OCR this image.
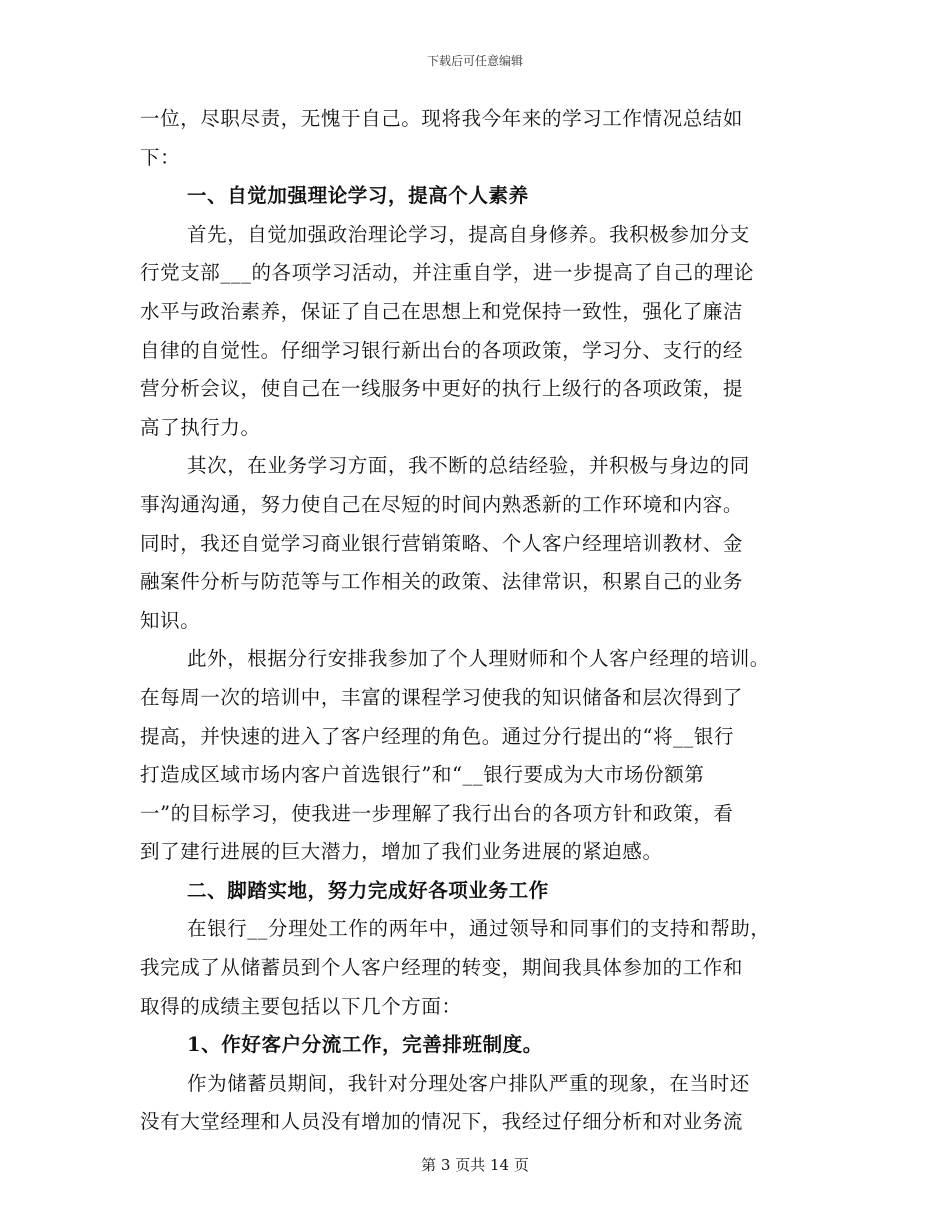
下载后可任意编辑
一位，尽职尽责，无愧于自己。现将我今年来的学习工作情况总结如
下：
一、自觉加强理论学习，提高个人素养
首先，自觉加强政治理论学习，提高自身修养。我积极参加分支
行党支部___的各项学习活动，并注重自学，进一步提高了自己的理论
水平与政治素养，保证了自己在思想上和党保持一致性，强化了廉洁
自律的自觉性。仔细学习银行新出台的各项政策，学习分、支行的经
营分析会议，使自己在一线服务中更好的执行上级行的各项政策，提
高了执行力。
其次，在业务学习方面，我不断的总结经验，并积极与身边的同
事沟通沟通，努力使自己在尽短的时间内熟悉新的工作环境和内容。
同时，我还自觉学习商业银行营销策略、个人客户经理培训教材、金
融案件分析与防范等与工作相关的政策、法律常识，积累自己的业务
知识。
此外，根据分行安排我参加了个人理财师和个人客户经理的培训。
在每周一次的培训中，丰富的课程学习使我的知识储备和层次得到了
提高，并快速的进入了客户经理的角色。通过分行提出的“将__银行
打造成区域市场内客户首选银行”和“__银行要成为大市场份额第
一”的目标学习，使我进一步理解了我行出台的各项方针和政策，看
到了建行进展的巨大潜力，增加了我们业务进展的紧迫感。
二、脚踏实地，努力完成好各项业务工作
在银行__分理处工作的两年中，通过领导和同事们的支持和帮助，
我完成了从储蓄员到个人客户经理的转变，期间我具体参加的工作和
取得的成绩主要包括以下几个方面：
1、作好客户分流工作，完善排班制度。
作为储蓄员期间，我针对分理处客户排队严重的现象，在当时还
没有大堂经理和人员没有增加的情况下，我经过仔细分析和对业务流
第 3 页共 14 页
